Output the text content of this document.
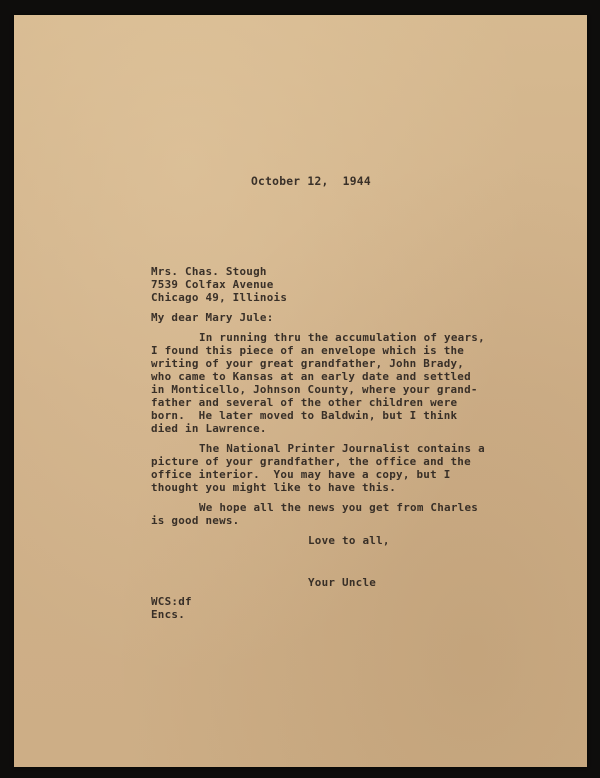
October 12,  1944

Mrs. Chas. Stough

7539 Colfax Avenue

Chicago 49, Illinois

My dear Mary Jule:

In running thru the accumulation of years,

I found this piece of an envelope which is the

writing of your great grandfather, John Brady,

who came to Kansas at an early date and settled

in Monticello, Johnson County, where your grand-

father and several of the other children were

born.  He later moved to Baldwin, but I think

died in Lawrence.

The National Printer Journalist contains a

picture of your grandfather, the office and the

office interior.  You may have a copy, but I

thought you might like to have this.

We hope all the news you get from Charles

is good news.

Love to all,

Your Uncle

WCS:df

Encs.
